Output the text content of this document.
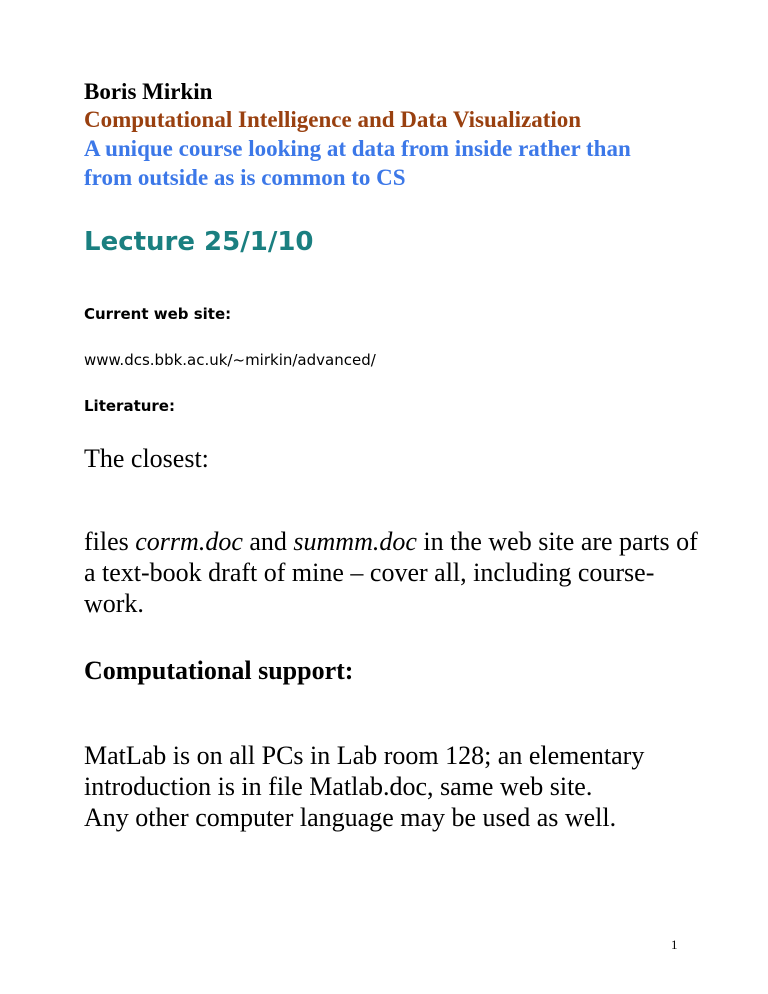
Boris Mirkin
Computational Intelligence and Data Visualization
A unique course looking at data from inside rather than
from outside as is common to CS
Lecture 25/1/10
Current web site:
www.dcs.bbk.ac.uk/~mirkin/advanced/
Literature:
The closest:
files corrm.doc and summm.doc in the web site are parts of
a text-book draft of mine – cover all, including course-
work.
Computational support:
MatLab is on all PCs in Lab room 128; an elementary
introduction is in file Matlab.doc, same web site.
Any other computer language may be used as well.
1
